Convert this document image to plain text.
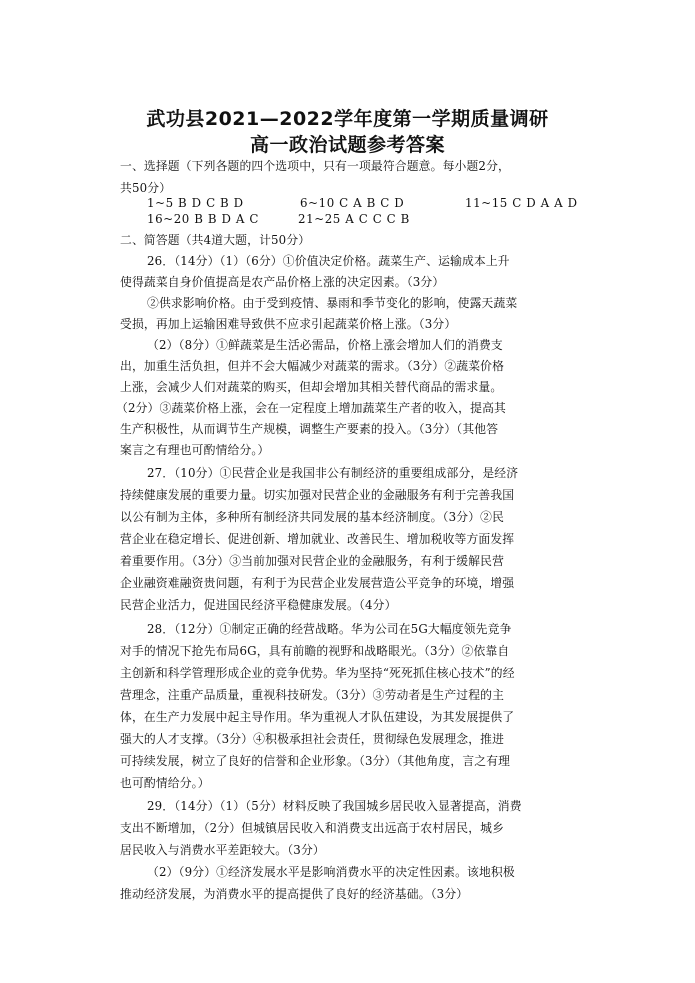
武功县2021—2022学年度第一学期质量调研
高一政治试题参考答案
一、选择题（下列各题的四个选项中，只有一项最符合题意。每小题2分，
共50分）
1~5 B D C B D	6~10 C A B C D	11~15 C D A A D
16~20 B B D A C	21~25 A C C C B
二、简答题（共4道大题，计50分）
26．（14分）（1）（6分）①价值决定价格。蔬菜生产、运输成本上升
使得蔬菜自身价值提高是农产品价格上涨的决定因素。（3分）
②供求影响价格。由于受到疫情、暴雨和季节变化的影响，使露天蔬菜
受损，再加上运输困难导致供不应求引起蔬菜价格上涨。（3分）
（2）（8分）①鲜蔬菜是生活必需品，价格上涨会增加人们的消费支
出，加重生活负担，但并不会大幅减少对蔬菜的需求。（3分）②蔬菜价格
上涨，会减少人们对蔬菜的购买，但却会增加其相关替代商品的需求量。
（2分）③蔬菜价格上涨，会在一定程度上增加蔬菜生产者的收入，提高其
生产积极性，从而调节生产规模，调整生产要素的投入。（3分）（其他答
案言之有理也可酌情给分。）
27．（10分）①民营企业是我国非公有制经济的重要组成部分，是经济
持续健康发展的重要力量。切实加强对民营企业的金融服务有利于完善我国
以公有制为主体，多种所有制经济共同发展的基本经济制度。（3分）②民
营企业在稳定增长、促进创新、增加就业、改善民生、增加税收等方面发挥
着重要作用。（3分）③当前加强对民营企业的金融服务，有利于缓解民营
企业融资难融资贵问题，有利于为民营企业发展营造公平竞争的环境，增强
民营企业活力，促进国民经济平稳健康发展。（4分）
28．（12分）①制定正确的经营战略。华为公司在5G大幅度领先竞争
对手的情况下抢先布局6G，具有前瞻的视野和战略眼光。（3分）②依靠自
主创新和科学管理形成企业的竞争优势。华为坚持“死死抓住核心技术”的经
营理念，注重产品质量，重视科技研发。（3分）③劳动者是生产过程的主
体，在生产力发展中起主导作用。华为重视人才队伍建设，为其发展提供了
强大的人才支撑。（3分）④积极承担社会责任，贯彻绿色发展理念，推进
可持续发展，树立了良好的信誉和企业形象。（3分）（其他角度，言之有理
也可酌情给分。）
29．（14分）（1）（5分）材料反映了我国城乡居民收入显著提高，消费
支出不断增加，（2分）但城镇居民收入和消费支出远高于农村居民，城乡
居民收入与消费水平差距较大。（3分）
（2）（9分）①经济发展水平是影响消费水平的决定性因素。该地积极
推动经济发展，为消费水平的提高提供了良好的经济基础。（3分）
